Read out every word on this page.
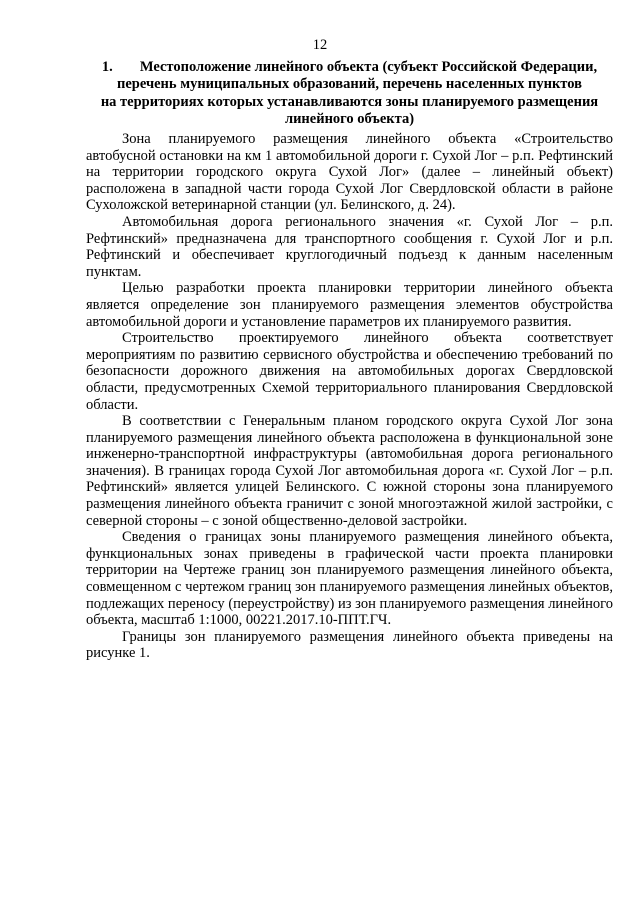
12
1. Местоположение линейного объекта (субъект Российской Федерации,
перечень муниципальных образований, перечень населенных пунктов
на территориях которых устанавливаются зоны планируемого размещения
линейного объекта)

Зона планируемого размещения линейного объекта «Строительство автобусной остановки на км 1 автомобильной дороги г. Сухой Лог – р.п. Рефтинский на территории городского округа Сухой Лог» (далее – линейный объект) расположена в западной части города Сухой Лог Свердловской области в районе Сухоложской ветеринарной станции (ул. Белинского, д. 24).

Автомобильная дорога регионального значения «г. Сухой Лог – р.п. Рефтинский» предназначена для транспортного сообщения г. Сухой Лог и р.п. Рефтинский и обеспечивает круглогодичный подъезд к данным населенным пунктам.

Целью разработки проекта планировки территории линейного объекта является определение зон планируемого размещения элементов обустройства автомобильной дороги и установление параметров их планируемого развития.

Строительство проектируемого линейного объекта соответствует мероприятиям по развитию сервисного обустройства и обеспечению требований по безопасности дорожного движения на автомобильных дорогах Свердловской области, предусмотренных Схемой территориального планирования Свердловской области.

В соответствии с Генеральным планом городского округа Сухой Лог зона планируемого размещения линейного объекта расположена в функциональной зоне инженерно-транспортной инфраструктуры (автомобильная дорога регионального значения). В границах города Сухой Лог автомобильная дорога «г. Сухой Лог – р.п. Рефтинский» является улицей Белинского. С южной стороны зона планируемого размещения линейного объекта граничит с зоной многоэтажной жилой застройки, с северной стороны – с зоной общественно-деловой застройки.

Сведения о границах зоны планируемого размещения линейного объекта, функциональных зонах приведены в графической части проекта планировки территории на Чертеже границ зон планируемого размещения линейного объекта, совмещенном с чертежом границ зон планируемого размещения линейных объектов, подлежащих переносу (переустройству) из зон планируемого размещения линейного объекта, масштаб 1:1000, 00221.2017.10-ППТ.ГЧ.

Границы зон планируемого размещения линейного объекта приведены на рисунке 1.
